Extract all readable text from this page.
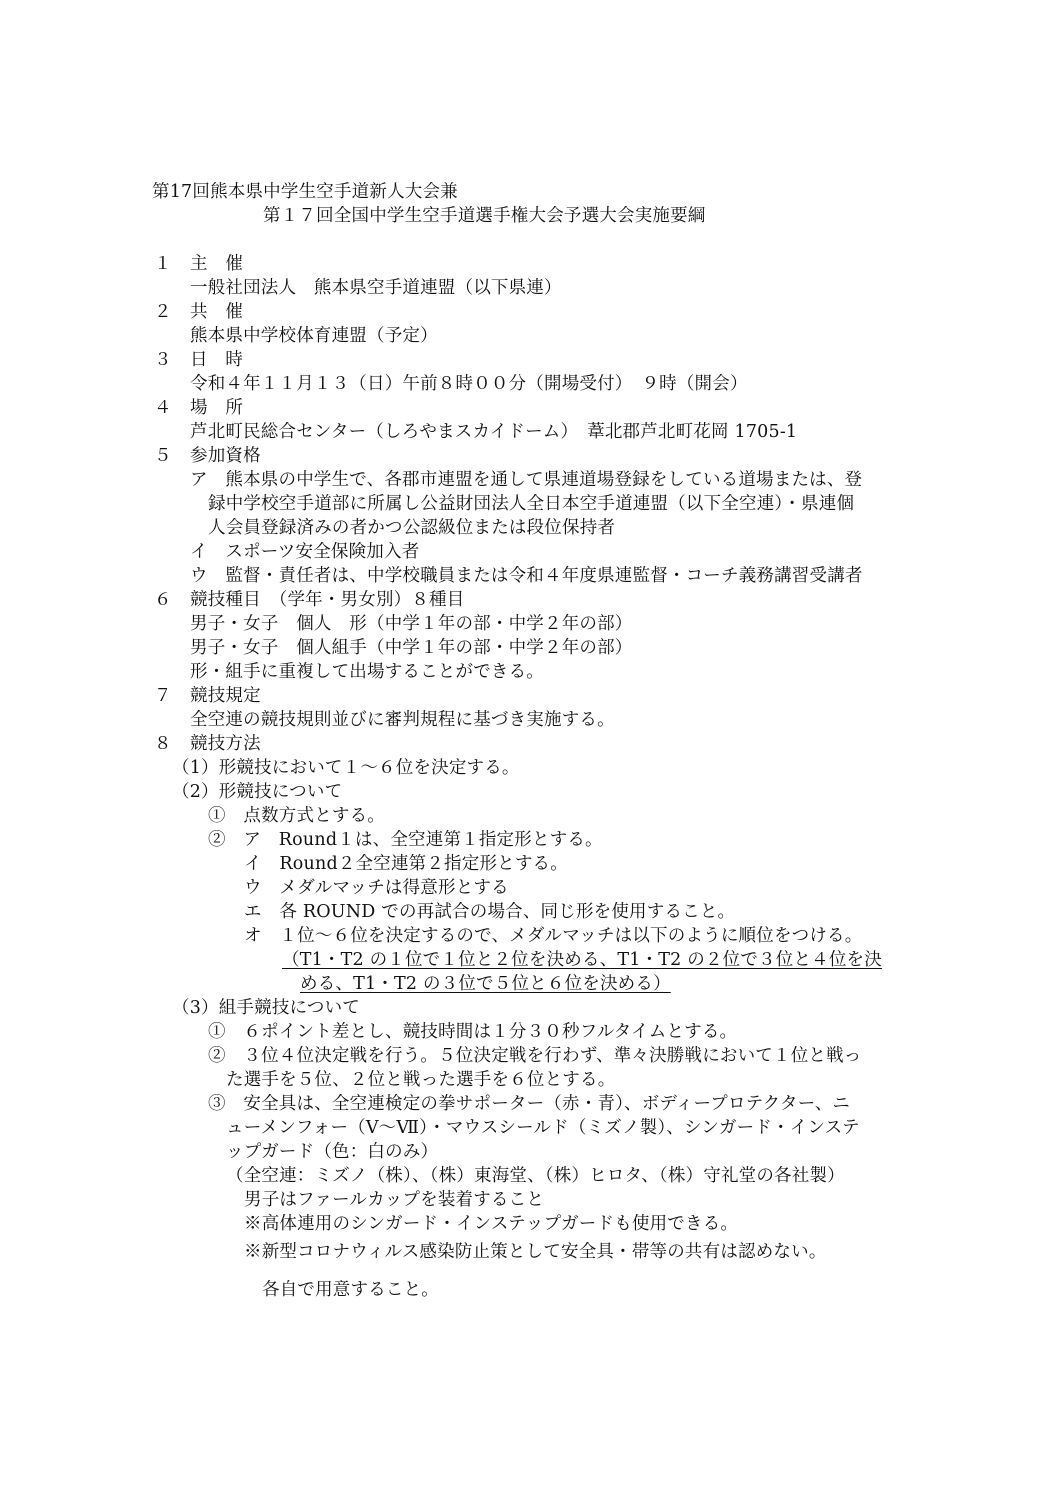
第17回熊本県中学生空手道新人大会兼
第１７回全国中学生空手道選手権大会予選大会実施要綱
１ 主　催
一般社団法人　熊本県空手道連盟（以下県連）
２ 共　催
熊本県中学校体育連盟（予定）
３ 日　時
令和４年１１月１３（日）午前８時００分（開場受付）　９時（開会）
４ 場　所
芦北町民総合センター（しろやまスカイドーム）　葦北郡芦北町花岡 1705-1
５ 参加資格
ア　熊本県の中学生で、各郡市連盟を通して県連道場登録をしている道場または、登
録中学校空手道部に所属し公益財団法人全日本空手道連盟（以下全空連）・県連個
人会員登録済みの者かつ公認級位または段位保持者
イ　スポーツ安全保険加入者
ウ　監督・責任者は、中学校職員または令和４年度県連監督・コーチ義務講習受講者
６ 競技種目　（学年・男女別）８種目
男子・女子　個人　形（中学１年の部・中学２年の部）
男子・女子　個人組手（中学１年の部・中学２年の部）
形・組手に重複して出場することができる。
７ 競技規定
全空連の競技規則並びに審判規程に基づき実施する。
８ 競技方法
（1）形競技において１～６位を決定する。
（2）形競技について
①　点数方式とする。
②　ア　Round１は、全空連第１指定形とする。
イ　Round２全空連第２指定形とする。
ウ　メダルマッチは得意形とする
エ　各 ROUND での再試合の場合、同じ形を使用すること。
オ　１位～６位を決定するので、メダルマッチは以下のように順位をつける。
（T1・T2 の１位で１位と２位を決める、T1・T2 の２位で３位と４位を決
める、T1・T2 の３位で５位と６位を決める）
（3）組手競技について
①　６ポイント差とし、競技時間は１分３０秒フルタイムとする。
②　３位４位決定戦を行う。５位決定戦を行わず、準々決勝戦において１位と戦っ
た選手を５位、２位と戦った選手を６位とする。
③　安全具は、全空連検定の拳サポーター（赤・青）、ボディープロテクター、ニ
ューメンフォー（Ⅴ～Ⅶ）・マウスシールド（ミズノ製）、シンガード・インステ
ップガード（色：白のみ）
（全空連：ミズノ（株）、（株）東海堂、（株）ヒロタ、（株）守礼堂の各社製）
男子はファールカップを装着すること
※高体連用のシンガード・インステップガードも使用できる。
※新型コロナウィルス感染防止策として安全具・帯等の共有は認めない。
各自で用意すること。
